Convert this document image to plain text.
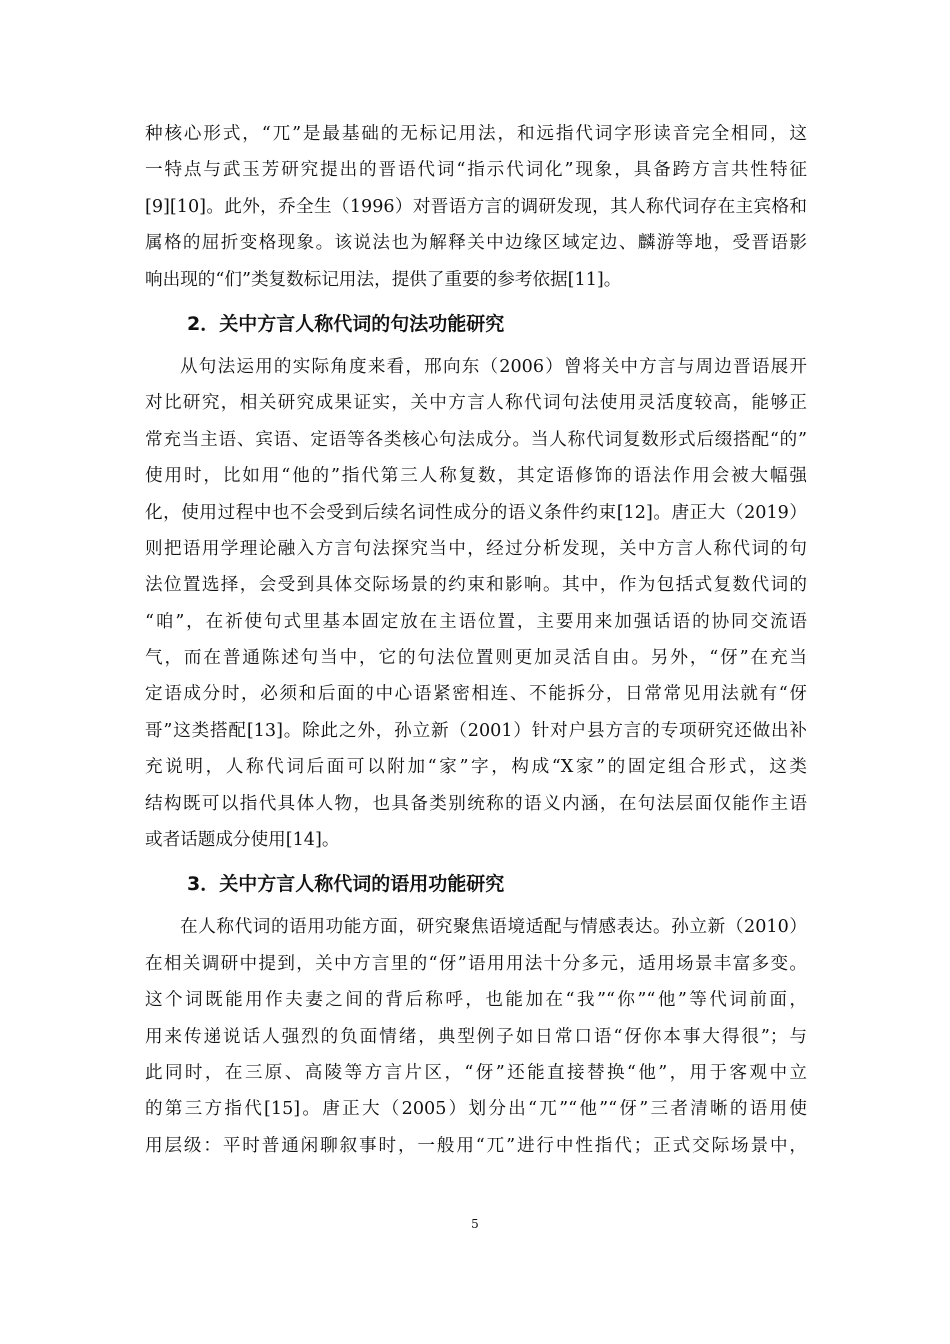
种核心形式，“兀”是最基础的无标记用法，和远指代词字形读音完全相同，这
一特点与武玉芳研究提出的晋语代词“指示代词化”现象，具备跨方言共性特征
[9][10]。此外，乔全生（1996）对晋语方言的调研发现，其人称代词存在主宾格和
属格的屈折变格现象。该说法也为解释关中边缘区域定边、麟游等地，受晋语影
响出现的“们”类复数标记用法，提供了重要的参考依据[11]。
2．关中方言人称代词的句法功能研究
从句法运用的实际角度来看，邢向东（2006）曾将关中方言与周边晋语展开
对比研究，相关研究成果证实，关中方言人称代词句法使用灵活度较高，能够正
常充当主语、宾语、定语等各类核心句法成分。当人称代词复数形式后缀搭配“的”
使用时，比如用“他的”指代第三人称复数，其定语修饰的语法作用会被大幅强
化，使用过程中也不会受到后续名词性成分的语义条件约束[12]。唐正大（2019）
则把语用学理论融入方言句法探究当中，经过分析发现，关中方言人称代词的句
法位置选择，会受到具体交际场景的约束和影响。其中，作为包括式复数代词的
“咱”，在祈使句式里基本固定放在主语位置，主要用来加强话语的协同交流语
气，而在普通陈述句当中，它的句法位置则更加灵活自由。另外，“伢”在充当
定语成分时，必须和后面的中心语紧密相连、不能拆分，日常常见用法就有“伢
哥”这类搭配[13]。除此之外，孙立新（2001）针对户县方言的专项研究还做出补
充说明，人称代词后面可以附加“家”字，构成“X家”的固定组合形式，这类
结构既可以指代具体人物，也具备类别统称的语义内涵，在句法层面仅能作主语
或者话题成分使用[14]。
3．关中方言人称代词的语用功能研究
在人称代词的语用功能方面，研究聚焦语境适配与情感表达。孙立新（2010）
在相关调研中提到，关中方言里的“伢”语用用法十分多元，适用场景丰富多变。
这个词既能用作夫妻之间的背后称呼，也能加在“我”“你”“他”等代词前面，
用来传递说话人强烈的负面情绪，典型例子如日常口语“伢你本事大得很”；与
此同时，在三原、高陵等方言片区，“伢”还能直接替换“他”，用于客观中立
的第三方指代[15]。唐正大（2005）划分出“兀”“他”“伢”三者清晰的语用使
用层级：平时普通闲聊叙事时，一般用“兀”进行中性指代；正式交际场景中，
5
